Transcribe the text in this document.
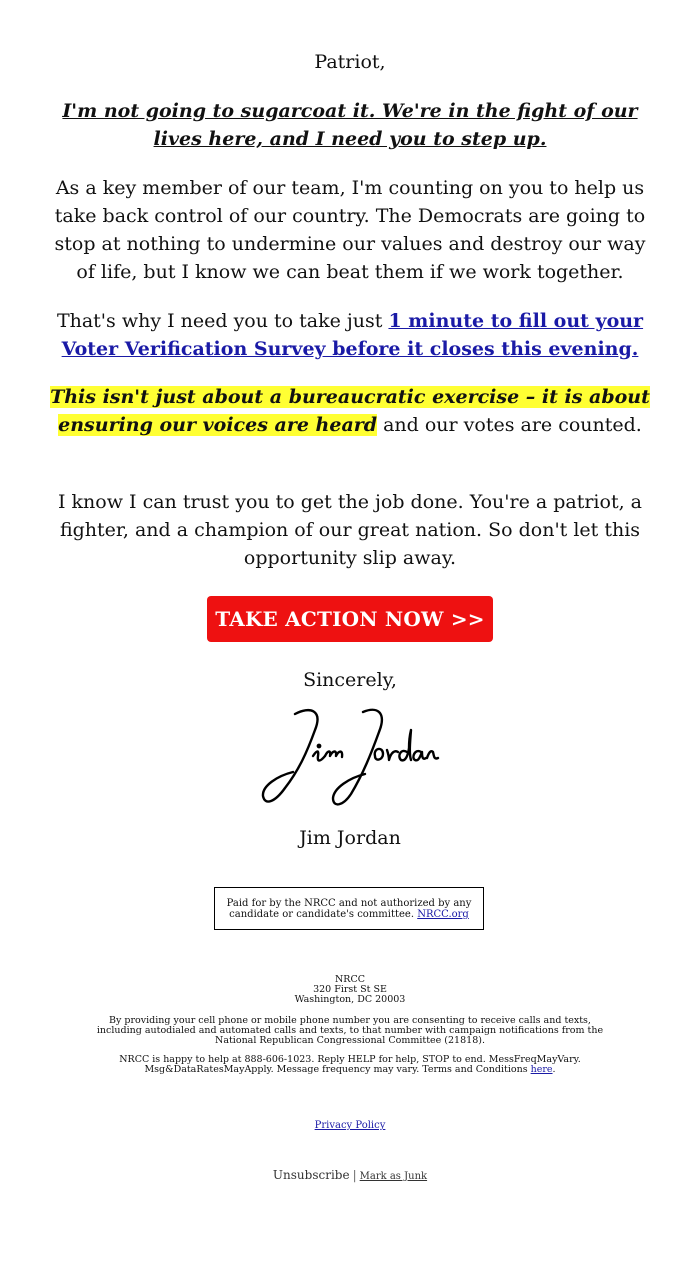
Patriot,

I'm not going to sugarcoat it. We're in the fight of our lives here, and I need you to step up.

As a key member of our team, I'm counting on you to help us take back control of our country. The Democrats are going to stop at nothing to undermine our values and destroy our way of life, but I know we can beat them if we work together.

That's why I need you to take just 1 minute to fill out your Voter Verification Survey before it closes this evening.

This isn't just about a bureaucratic exercise – it is about ensuring our voices are heard and our votes are counted.

I know I can trust you to get the job done. You're a patriot, a fighter, and a champion of our great nation. So don't let this opportunity slip away.

TAKE ACTION NOW >>

Sincerely,

Jim Jordan

Paid for by the NRCC and not authorized by any candidate or candidate's committee. NRCC.org
NRCC
320 First St SE
Washington, DC 20003

By providing your cell phone or mobile phone number you are consenting to receive calls and texts, including autodialed and automated calls and texts, to that number with campaign notifications from the National Republican Congressional Committee (21818).

NRCC is happy to help at 888-606-1023. Reply HELP for help, STOP to end. MessFreqMayVary. Msg&DataRatesMayApply. Message frequency may vary. Terms and Conditions here.

Privacy Policy

Unsubscribe | Mark as Junk
